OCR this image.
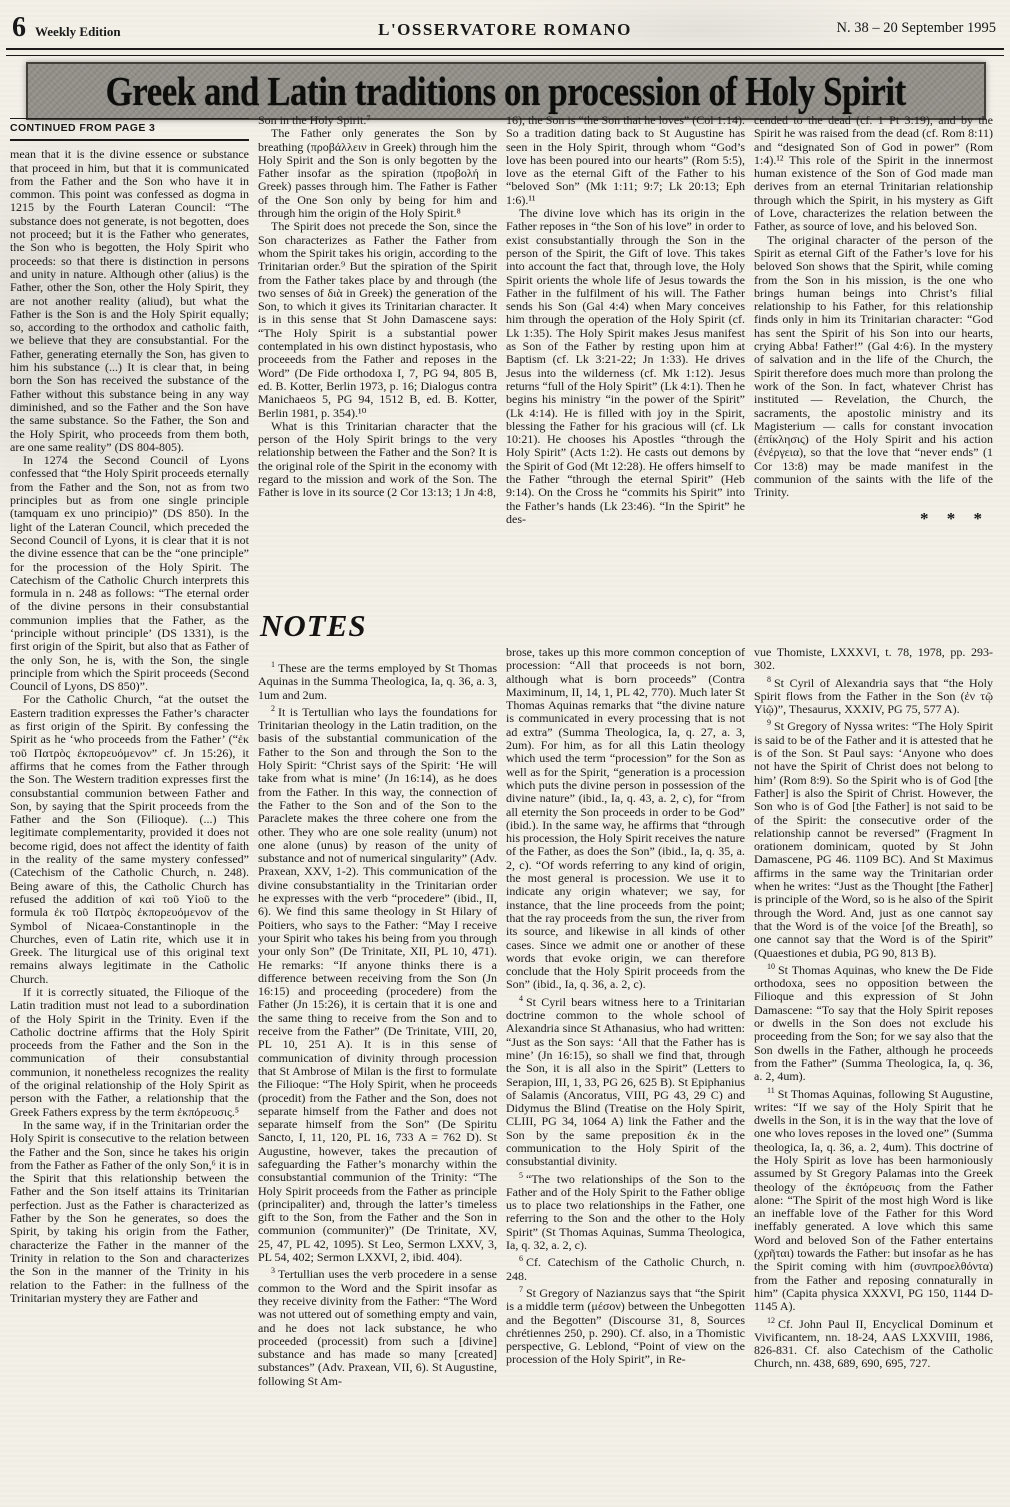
6 Weekly Edition	L'OSSERVATORE ROMANO	N. 38 – 20 September 1995
Greek and Latin traditions on procession of Holy Spirit
CONTINUED FROM PAGE 3

mean that it is the divine essence or substance that proceed in him, but that it is communicated from the Father and the Son who have it in common. This point was confessed as dogma in 1215 by the Fourth Lateran Council: “The substance does not generate, is not begotten, does not proceed; but it is the Father who generates, the Son who is begotten, the Holy Spirit who proceeds: so that there is distinction in persons and unity in nature. Although other (alius) is the Father, other the Son, other the Holy Spirit, they are not another reality (aliud), but what the Father is the Son is and the Holy Spirit equally; so, according to the orthodox and catholic faith, we believe that they are consubstantial. For the Father, generating eternally the Son, has given to him his substance (...) It is clear that, in being born the Son has received the substance of the Father without this substance being in any way diminished, and so the Father and the Son have the same substance. So the Father, the Son and the Holy Spirit, who proceeds from them both, are one same reality” (DS 804-805).

In 1274 the Second Council of Lyons confessed that “the Holy Spirit proceeds eternally from the Father and the Son, not as from two principles but as from one single principle (tamquam ex uno principio)” (DS 850). In the light of the Lateran Council, which preceded the Second Council of Lyons, it is clear that it is not the divine essence that can be the “one principle” for the procession of the Holy Spirit. The Catechism of the Catholic Church interprets this formula in n. 248 as follows: “The eternal order of the divine persons in their consubstantial communion implies that the Father, as the ‘principle without principle’ (DS 1331), is the first origin of the Spirit, but also that as Father of the only Son, he is, with the Son, the single principle from which the Spirit proceeds (Second Council of Lyons, DS 850)”.

For the Catholic Church, “at the outset the Eastern tradition expresses the Father’s character as first origin of the Spirit. By confessing the Spirit as he ‘who proceeds from the Father’ (“ἐκ τοῦ Πατρὸς ἐκπορευόμενον” cf. Jn 15:26), it affirms that he comes from the Father through the Son. The Western tradition expresses first the consubstantial communion between Father and Son, by saying that the Spirit proceeds from the Father and the Son (Filioque). (...) This legitimate complementarity, provided it does not become rigid, does not affect the identity of faith in the reality of the same mystery confessed” (Catechism of the Catholic Church, n. 248). Being aware of this, the Catholic Church has refused the addition of καὶ τοῦ Υἱοῦ to the formula ἐκ τοῦ Πατρὸς ἐκπορευόμενον of the Symbol of Nicaea-Constantinople in the Churches, even of Latin rite, which use it in Greek. The liturgical use of this original text remains always legitimate in the Catholic Church.

If it is correctly situated, the Filioque of the Latin tradition must not lead to a subordination of the Holy Spirit in the Trinity. Even if the Catholic doctrine affirms that the Holy Spirit proceeds from the Father and the Son in the communication of their consubstantial communion, it nonetheless recognizes the reality of the original relationship of the Holy Spirit as person with the Father, a relationship that the Greek Fathers express by the term ἐκπόρευσις.⁵

In the same way, if in the Trinitarian order the Holy Spirit is consecutive to the relation between the Father and the Son, since he takes his origin from the Father as Father of the only Son,⁶ it is in the Spirit that this relationship between the Father and the Son itself attains its Trinitarian perfection. Just as the Father is characterized as Father by the Son he generates, so does the Spirit, by taking his origin from the Father, characterize the Father in the manner of the Trinity in relation to the Son and characterizes the Son in the manner of the Trinity in his relation to the Father: in the fullness of the Trinitarian mystery they are Father and

Son in the Holy Spirit.⁷

The Father only generates the Son by breathing (προβάλλειν in Greek) through him the Holy Spirit and the Son is only begotten by the Father insofar as the spiration (προβολή in Greek) passes through him. The Father is Father of the One Son only by being for him and through him the origin of the Holy Spirit.⁸

The Spirit does not precede the Son, since the Son characterizes as Father the Father from whom the Spirit takes his origin, according to the Trinitarian order.⁹ But the spiration of the Spirit from the Father takes place by and through (the two senses of διὰ in Greek) the generation of the Son, to which it gives its Trinitarian character. It is in this sense that St John Damascene says: “The Holy Spirit is a substantial power contemplated in his own distinct hypostasis, who proceeeds from the Father and reposes in the Word” (De Fide orthodoxa I, 7, PG 94, 805 B, ed. B. Kotter, Berlin 1973, p. 16; Dialogus contra Manichaeos 5, PG 94, 1512 B, ed. B. Kotter, Berlin 1981, p. 354).¹⁰

What is this Trinitarian character that the person of the Holy Spirit brings to the very relationship between the Father and the Son? It is the original role of the Spirit in the economy with regard to the mission and work of the Son. The Father is love in its source (2 Cor 13:13; 1 Jn 4:8,

16), the Son is “the Son that he loves” (Col 1:14). So a tradition dating back to St Augustine has seen in the Holy Spirit, through whom “God’s love has been poured into our hearts” (Rom 5:5), love as the eternal Gift of the Father to his “beloved Son” (Mk 1:11; 9:7; Lk 20:13; Eph 1:6).¹¹

The divine love which has its origin in the Father reposes in “the Son of his love” in order to exist consubstantially through the Son in the person of the Spirit, the Gift of love. This takes into account the fact that, through love, the Holy Spirit orients the whole life of Jesus towards the Father in the fulfilment of his will. The Father sends his Son (Gal 4:4) when Mary conceives him through the operation of the Holy Spirit (cf. Lk 1:35). The Holy Spirit makes Jesus manifest as Son of the Father by resting upon him at Baptism (cf. Lk 3:21-22; Jn 1:33). He drives Jesus into the wilderness (cf. Mk 1:12). Jesus returns “full of the Holy Spirit” (Lk 4:1). Then he begins his ministry “in the power of the Spirit” (Lk 4:14). He is filled with joy in the Spirit, blessing the Father for his gracious will (cf. Lk 10:21). He chooses his Apostles “through the Holy Spirit” (Acts 1:2). He casts out demons by the Spirit of God (Mt 12:28). He offers himself to the Father “through the eternal Spirit” (Heb 9:14). On the Cross he “commits his Spirit” into the Father’s hands (Lk 23:46). “In the Spirit” he des-

cended to the dead (cf. 1 Pt 3:19), and by the Spirit he was raised from the dead (cf. Rom 8:11) and “designated Son of God in power” (Rom 1:4).¹² This role of the Spirit in the innermost human existence of the Son of God made man derives from an eternal Trinitarian relationship through which the Spirit, in his mystery as Gift of Love, characterizes the relation between the Father, as source of love, and his beloved Son.

The original character of the person of the Spirit as eternal Gift of the Father’s love for his beloved Son shows that the Spirit, while coming from the Son in his mission, is the one who brings human beings into Christ’s filial relationship to his Father, for this relationship finds only in him its Trinitarian character: “God has sent the Spirit of his Son into our hearts, crying Abba! Father!” (Gal 4:6). In the mystery of salvation and in the life of the Church, the Spirit therefore does much more than prolong the work of the Son. In fact, whatever Christ has instituted — Revelation, the Church, the sacraments, the apostolic ministry and its Magisterium — calls for constant invocation (ἐπίκλησις) of the Holy Spirit and his action (ἐνέργεια), so that the love that “never ends” (1 Cor 13:8) may be made manifest in the communion of the saints with the life of the Trinity.

* * *

NOTES

$^1$ These are the terms employed by St Thomas Aquinas in the Summa Theologica, Ia, q. 36, a. 3, 1um and 2um.

$^2$ It is Tertullian who lays the foundations for Trinitarian theology in the Latin tradition, on the basis of the substantial communication of the Father to the Son and through the Son to the Holy Spirit: “Christ says of the Spirit: ‘He will take from what is mine’ (Jn 16:14), as he does from the Father. In this way, the connection of the Father to the Son and of the Son to the Paraclete makes the three cohere one from the other. They who are one sole reality (unum) not one alone (unus) by reason of the unity of substance and not of numerical singularity” (Adv. Praxean, XXV, 1-2). This communication of the divine consubstantiality in the Trinitarian order he expresses with the verb “procedere” (ibid., II, 6). We find this same theology in St Hilary of Poitiers, who says to the Father: “May I receive your Spirit who takes his being from you through your only Son” (De Trinitate, XII, PL 10, 471). He remarks: “If anyone thinks there is a difference between receiving from the Son (Jn 16:15) and proceeding (procedere) from the Father (Jn 15:26), it is certain that it is one and the same thing to receive from the Son and to receive from the Father” (De Trinitate, VIII, 20, PL 10, 251 A). It is in this sense of communication of divinity through procession that St Ambrose of Milan is the first to formulate the Filioque: “The Holy Spirit, when he proceeds (procedit) from the Father and the Son, does not separate himself from the Father and does not separate himself from the Son” (De Spiritu Sancto, I, 11, 120, PL 16, 733 A = 762 D). St Augustine, however, takes the precaution of safeguarding the Father’s monarchy within the consubstantial communion of the Trinity: “The Holy Spirit proceeds from the Father as principle (principaliter) and, through the latter’s timeless gift to the Son, from the Father and the Son in communion (communiter)” (De Trinitate, XV, 25, 47, PL 42, 1095). St Leo, Sermon LXXV, 3, PL 54, 402; Sermon LXXVI, 2, ibid. 404).

$^3$ Tertullian uses the verb procedere in a sense common to the Word and the Spirit insofar as they receive divinity from the Father: “The Word was not uttered out of something empty and vain, and he does not lack substance, he who proceeded (processit) from such a [divine] substance and has made so many [created] substances” (Adv. Praxean, VII, 6). St Augustine, following St Am-

brose, takes up this more common conception of procession: “All that proceeds is not born, although what is born proceeds” (Contra Maximinum, II, 14, 1, PL 42, 770). Much later St Thomas Aquinas remarks that “the divine nature is communicated in every processing that is not ad extra” (Summa Theologica, Ia, q. 27, a. 3, 2um). For him, as for all this Latin theology which used the term “procession” for the Son as well as for the Spirit, “generation is a procession which puts the divine person in possession of the divine nature” (ibid., Ia, q. 43, a. 2, c), for “from all eternity the Son proceeds in order to be God” (ibid.). In the same way, he affirms that “through his procession, the Holy Spirit receives the nature of the Father, as does the Son” (ibid., Ia, q. 35, a. 2, c). “Of words referring to any kind of origin, the most general is procession. We use it to indicate any origin whatever; we say, for instance, that the line proceeds from the point; that the ray proceeds from the sun, the river from its source, and likewise in all kinds of other cases. Since we admit one or another of these words that evoke origin, we can therefore conclude that the Holy Spirit proceeds from the Son” (ibid., Ia, q. 36, a. 2, c).

$^4$ St Cyril bears witness here to a Trinitarian doctrine common to the whole school of Alexandria since St Athanasius, who had written: “Just as the Son says: ‘All that the Father has is mine’ (Jn 16:15), so shall we find that, through the Son, it is all also in the Spirit” (Letters to Serapion, III, 1, 33, PG 26, 625 B). St Epiphanius of Salamis (Ancoratus, VIII, PG 43, 29 C) and Didymus the Blind (Treatise on the Holy Spirit, CLIII, PG 34, 1064 A) link the Father and the Son by the same preposition ἐκ in the communication to the Holy Spirit of the consubstantial divinity.

$^5$ “The two relationships of the Son to the Father and of the Holy Spirit to the Father oblige us to place two relationships in the Father, one referring to the Son and the other to the Holy Spirit” (St Thomas Aquinas, Summa Theologica, Ia, q. 32, a. 2, c).

$^6$ Cf. Catechism of the Catholic Church, n. 248.

$^7$ St Gregory of Nazianzus says that “the Spirit is a middle term (μέσον) between the Unbegotten and the Begotten” (Discourse 31, 8, Sources chrétiennes 250, p. 290). Cf. also, in a Thomistic perspective, G. Leblond, “Point of view on the procession of the Holy Spirit”, in Re-

vue Thomiste, LXXXVI, t. 78, 1978, pp. 293-302.

$^8$ St Cyril of Alexandria says that “the Holy Spirit flows from the Father in the Son (ἐν τῷ Υἱῷ)”, Thesaurus, XXXIV, PG 75, 577 A).

$^9$ St Gregory of Nyssa writes: “The Holy Spirit is said to be of the Father and it is attested that he is of the Son. St Paul says: ‘Anyone who does not have the Spirit of Christ does not belong to him’ (Rom 8:9). So the Spirit who is of God [the Father] is also the Spirit of Christ. However, the Son who is of God [the Father] is not said to be of the Spirit: the consecutive order of the relationship cannot be reversed” (Fragment In orationem dominicam, quoted by St John Damascene, PG 46. 1109 BC). And St Maximus affirms in the same way the Trinitarian order when he writes: “Just as the Thought [the Father] is principle of the Word, so is he also of the Spirit through the Word. And, just as one cannot say that the Word is of the voice [of the Breath], so one cannot say that the Word is of the Spirit” (Quaestiones et dubia, PG 90, 813 B).

$^{10}$ St Thomas Aquinas, who knew the De Fide orthodoxa, sees no opposition between the Filioque and this expression of St John Damascene: “To say that the Holy Spirit reposes or dwells in the Son does not exclude his proceeding from the Son; for we say also that the Son dwells in the Father, although he proceeds from the Father” (Summa Theologica, Ia, q. 36, a. 2, 4um).

$^{11}$ St Thomas Aquinas, following St Augustine, writes: “If we say of the Holy Spirit that he dwells in the Son, it is in the way that the love of one who loves reposes in the loved one” (Summa theologica, Ia, q. 36, a. 2, 4um). This doctrine of the Holy Spirit as love has been harmoniously assumed by St Gregory Palamas into the Greek theology of the ἐκπόρευσις from the Father alone: “The Spirit of the most high Word is like an ineffable love of the Father for this Word ineffably generated. A love which this same Word and beloved Son of the Father entertains (χρῆται) towards the Father: but insofar as he has the Spirit coming with him (συνπροελθόντα) from the Father and reposing connaturally in him” (Capita physica XXXVI, PG 150, 1144 D-1145 A).

$^{12}$ Cf. John Paul II, Encyclical Dominum et Vivificantem, nn. 18-24, AAS LXXVIII, 1986, 826-831. Cf. also Catechism of the Catholic Church, nn. 438, 689, 690, 695, 727.
